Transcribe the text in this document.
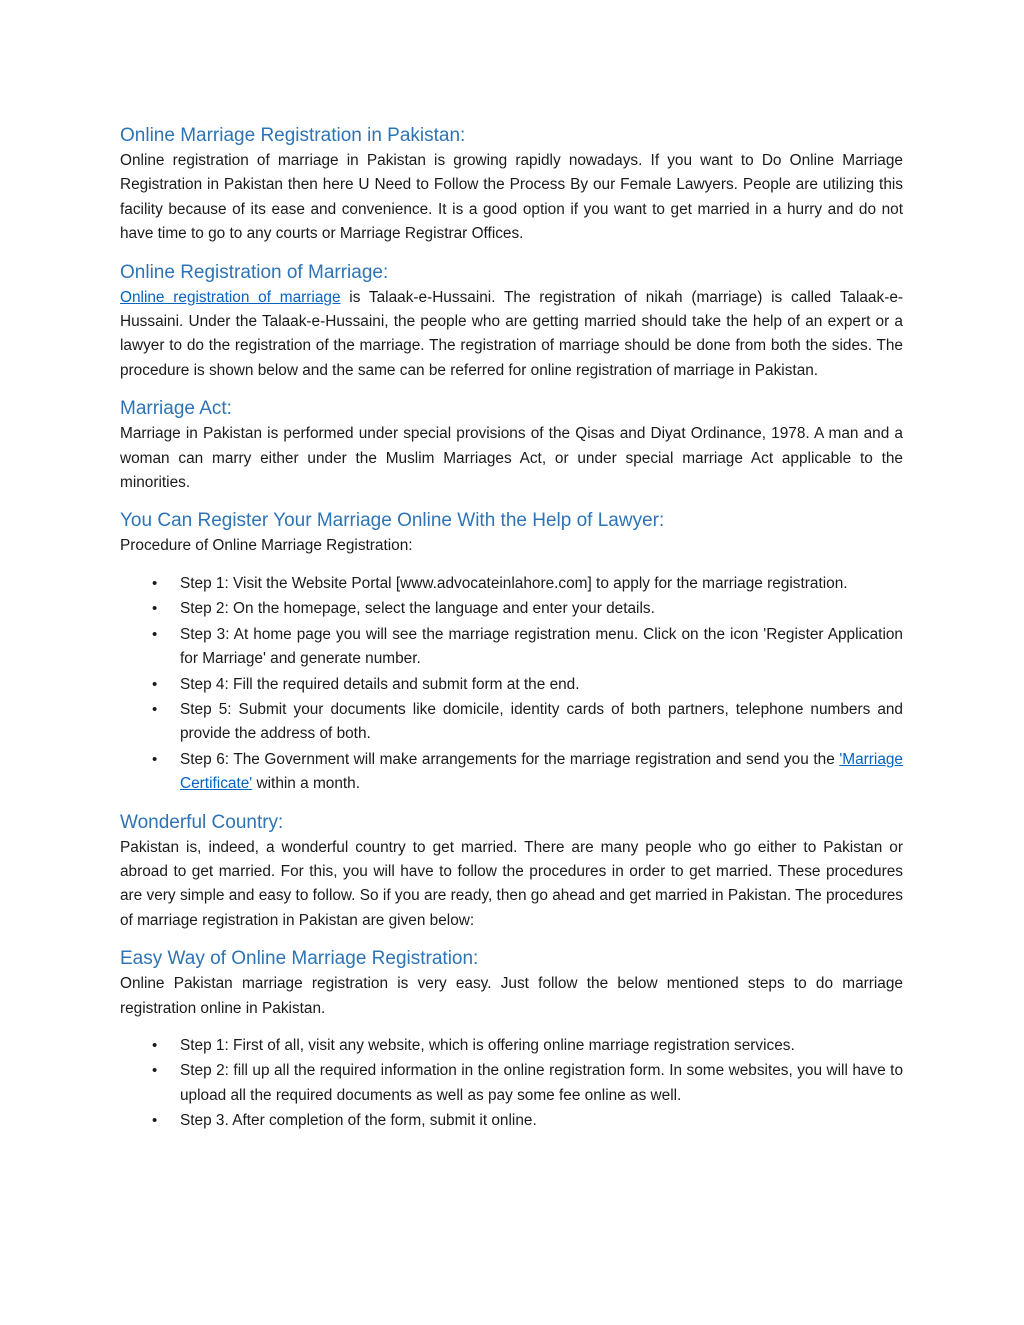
Online Marriage Registration in Pakistan:

Online registration of marriage in Pakistan is growing rapidly nowadays. If you want to Do Online Marriage Registration in Pakistan then here U Need to Follow the Process By our Female Lawyers. People are utilizing this facility because of its ease and convenience. It is a good option if you want to get married in a hurry and do not have time to go to any courts or Marriage Registrar Offices.

Online Registration of Marriage:

Online registration of marriage is Talaak-e-Hussaini. The registration of nikah (marriage) is called Talaak-e-Hussaini. Under the Talaak-e-Hussaini, the people who are getting married should take the help of an expert or a lawyer to do the registration of the marriage. The registration of marriage should be done from both the sides. The procedure is shown below and the same can be referred for online registration of marriage in Pakistan.

Marriage Act:

Marriage in Pakistan is performed under special provisions of the Qisas and Diyat Ordinance, 1978. A man and a woman can marry either under the Muslim Marriages Act, or under special marriage Act applicable to the minorities.

You Can Register Your Marriage Online With the Help of Lawyer:

Procedure of Online Marriage Registration:

• Step 1: Visit the Website Portal [www.advocateinlahore.com] to apply for the marriage registration.
• Step 2: On the homepage, select the language and enter your details.
• Step 3: At home page you will see the marriage registration menu. Click on the icon 'Register Application for Marriage' and generate number.
• Step 4: Fill the required details and submit form at the end.
• Step 5: Submit your documents like domicile, identity cards of both partners, telephone numbers and provide the address of both.
• Step 6: The Government will make arrangements for the marriage registration and send you the 'Marriage Certificate' within a month.
Wonderful Country:

Pakistan is, indeed, a wonderful country to get married. There are many people who go either to Pakistan or abroad to get married. For this, you will have to follow the procedures in order to get married. These procedures are very simple and easy to follow. So if you are ready, then go ahead and get married in Pakistan. The procedures of marriage registration in Pakistan are given below:

Easy Way of Online Marriage Registration:

Online Pakistan marriage registration is very easy. Just follow the below mentioned steps to do marriage registration online in Pakistan.

• Step 1: First of all, visit any website, which is offering online marriage registration services.
• Step 2: fill up all the required information in the online registration form. In some websites, you will have to upload all the required documents as well as pay some fee online as well.
• Step 3. After completion of the form, submit it online.
